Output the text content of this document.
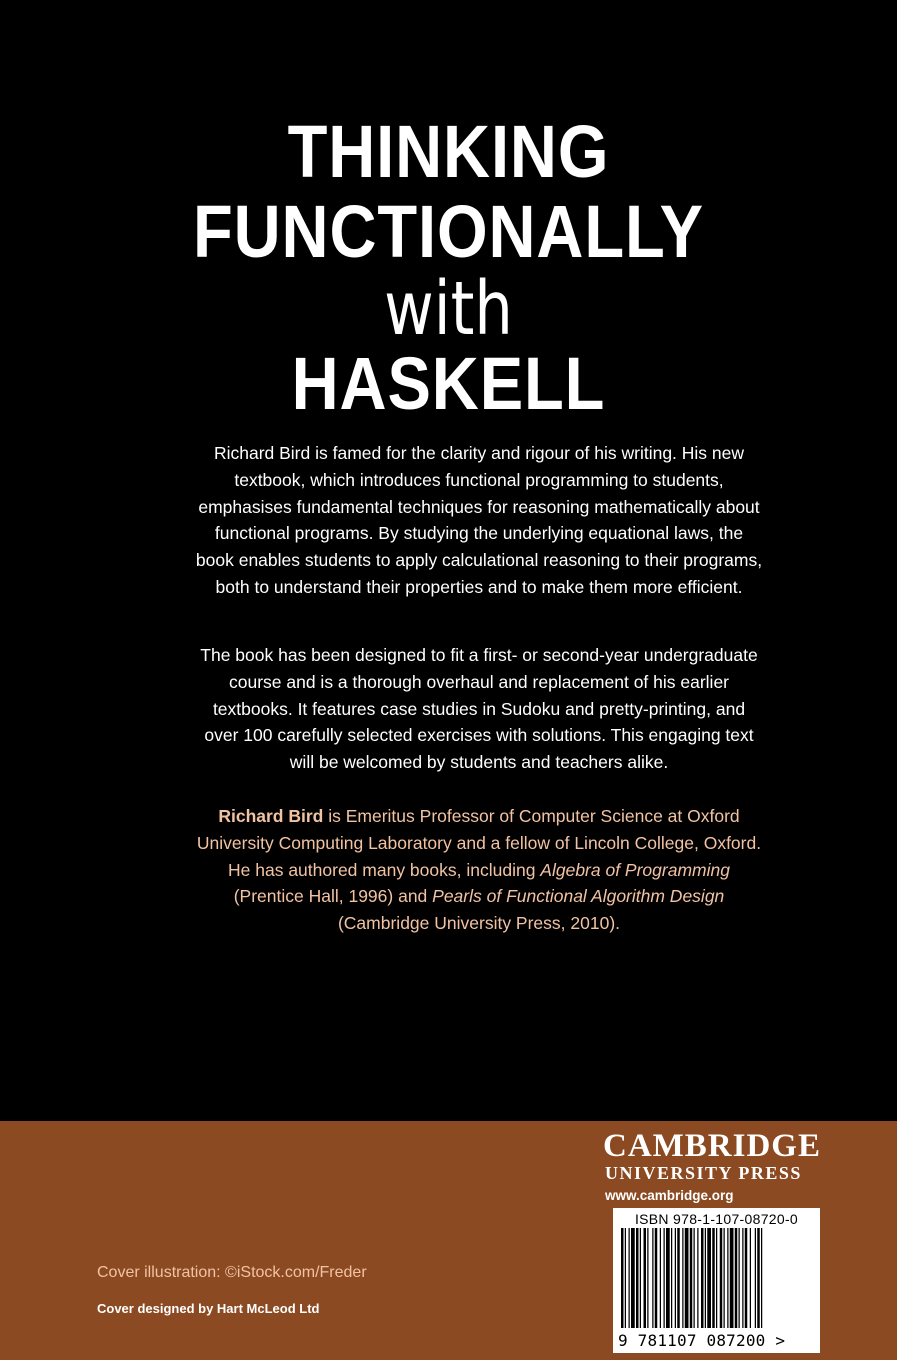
THINKING
FUNCTIONALLY
with
HASKELL

Richard Bird is famed for the clarity and rigour of his writing. His new textbook, which introduces functional programming to students, emphasises fundamental techniques for reasoning mathematically about functional programs. By studying the underlying equational laws, the book enables students to apply calculational reasoning to their programs, both to understand their properties and to make them more efficient.

The book has been designed to fit a first- or second-year undergraduate course and is a thorough overhaul and replacement of his earlier textbooks. It features case studies in Sudoku and pretty-printing, and over 100 carefully selected exercises with solutions. This engaging text will be welcomed by students and teachers alike.

Richard Bird is Emeritus Professor of Computer Science at Oxford University Computing Laboratory and a fellow of Lincoln College, Oxford. He has authored many books, including Algebra of Programming (Prentice Hall, 1996) and Pearls of Functional Algorithm Design (Cambridge University Press, 2010).

Cover illustration: ©iStock.com/Freder
Cover designed by Hart McLeod Ltd
CAMBRIDGE
UNIVERSITY PRESS
www.cambridge.org
ISBN 978-1-107-08720-0
9 781107 087200 >
